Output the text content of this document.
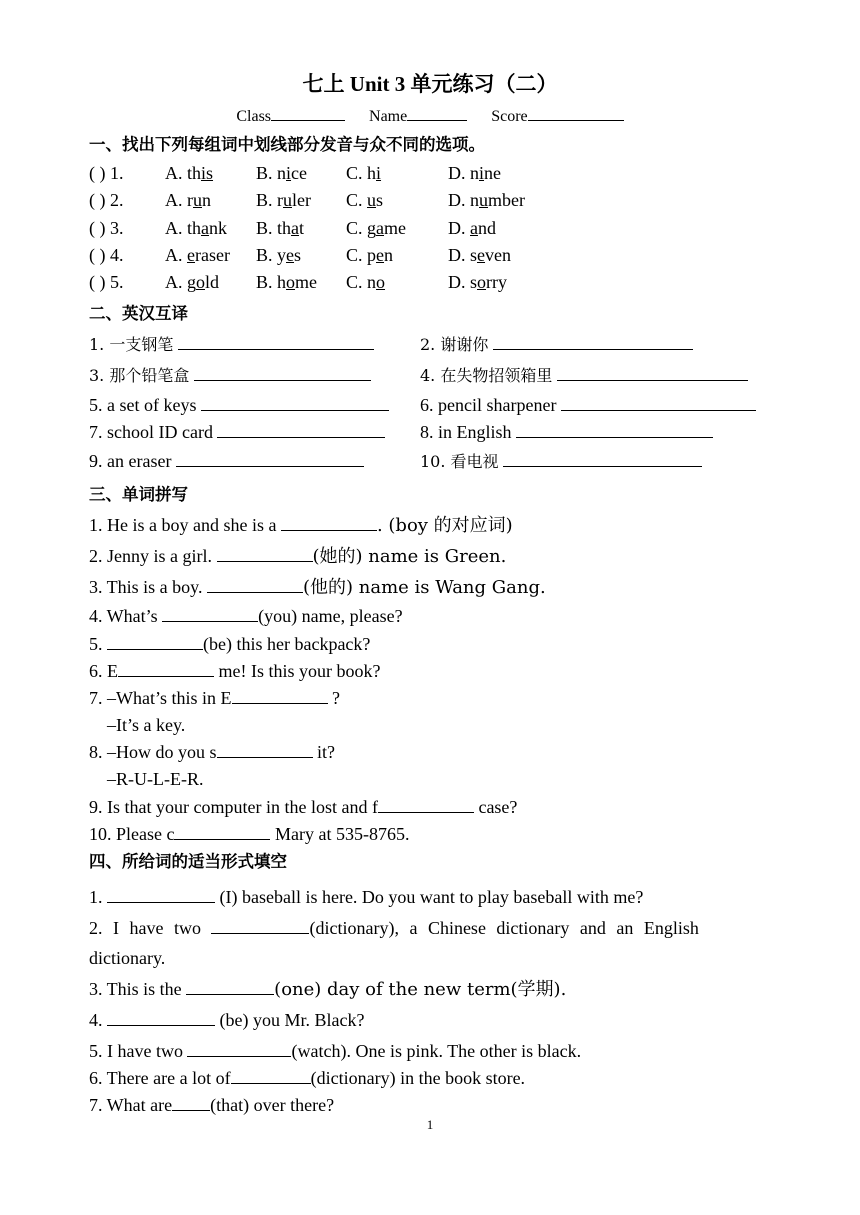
七上 Unit 3 单元练习（二）
Class	Name	Score
一、找出下列每组词中划线部分发音与众不同的选项。
( ) 1. A. this B. nice C. hi	D. nine
( ) 2. A. run	B. ruler C. us	D. number
( ) 3. A. thank B. that C. game D. and
( ) 4. A. eraser B. yes C. pen	D. seven
( ) 5. A. gold B. home C. no	D. sorry
二、英汉互译
1. 一支钢笔	2. 谢谢你
3. 那个铅笔盒	4. 在失物招领箱里
5. a set of keys	6. pencil sharpener
7. school ID card	8. in English
9. an eraser	10. 看电视
三、单词拼写
1. He is a boy and she is a	. (boy 的对应词)
2. Jenny is a girl.	(她的) name is Green.
3. This is a boy.	(他的) name is Wang Gang.
4. What’s	(you) name, please?
5.	(be) this her backpack?
6. E	me! Is this your book?
7. –What’s this in E	?
–It’s a key.
8. –How do you s	it?
–R-U-L-E-R.
9. Is that your computer in the lost and f	case?
10. Please c	Mary at 535-8765.
四、所给词的适当形式填空
1.	(I) baseball is here. Do you want to play baseball with me?
2. I have two	(dictionary), a Chinese dictionary and an English
dictionary.
3. This is the	(one) day of the new term(学期).
4.	(be) you Mr. Black?
5. I have two	(watch). One is pink. The other is black.
6. There are a lot of	(dictionary) in the book store.
7. What are (that) over there?
1
